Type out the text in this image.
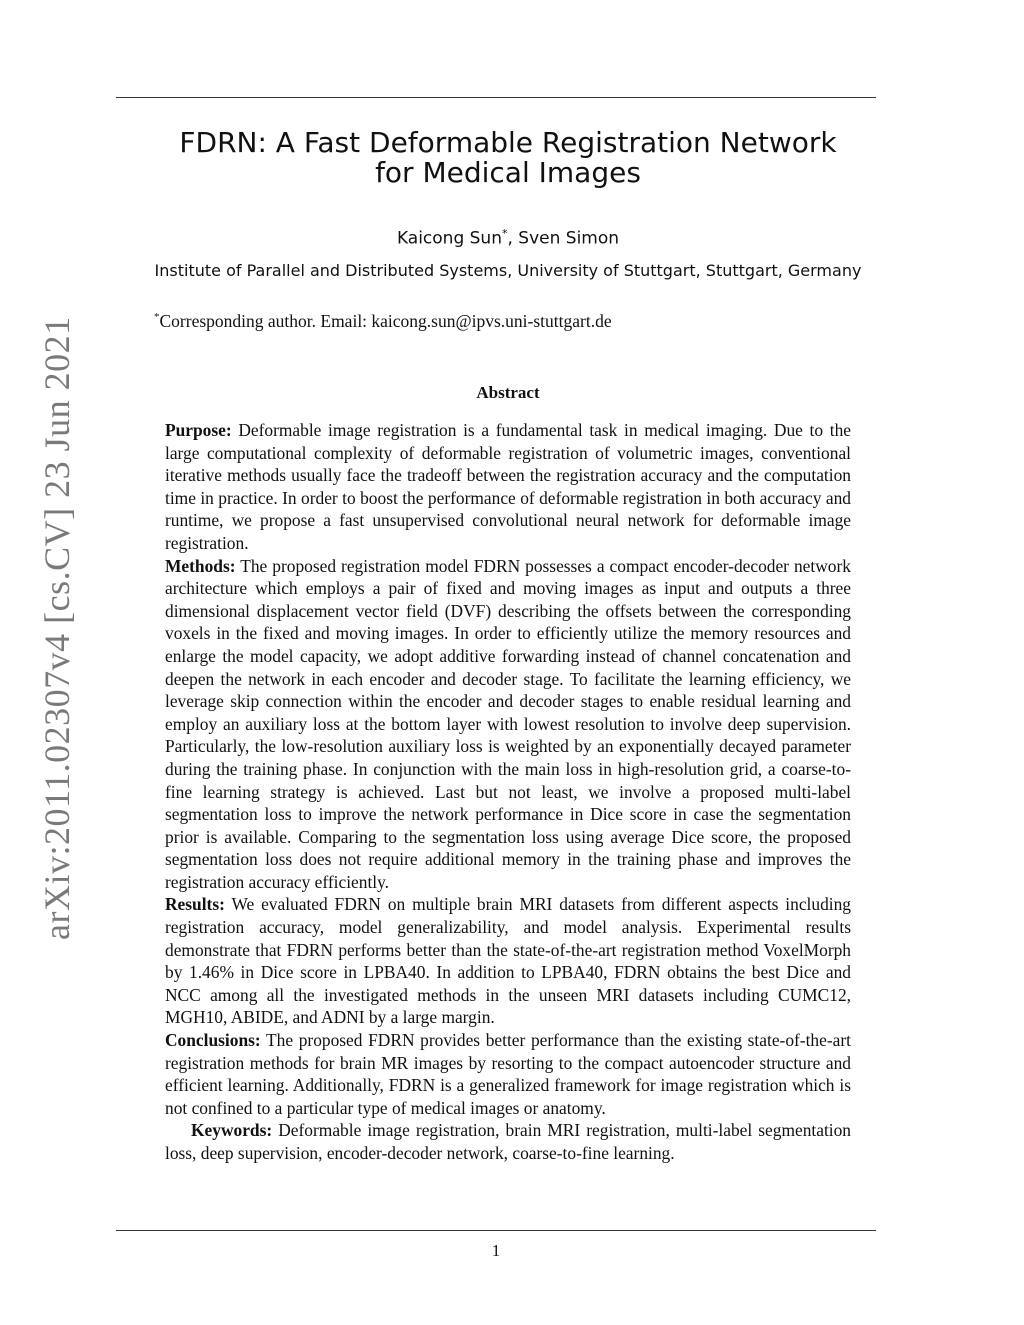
arXiv:2011.02307v4 [cs.CV] 23 Jun 2021
FDRN: A Fast Deformable Registration Network
for Medical Images
Kaicong Sun*, Sven Simon
Institute of Parallel and Distributed Systems, University of Stuttgart, Stuttgart, Germany
*Corresponding author. Email: kaicong.sun@ipvs.uni-stuttgart.de
Abstract

Purpose: Deformable image registration is a fundamental task in medical imaging. Due to the large computational complexity of deformable registration of volumetric images, conventional iterative methods usually face the tradeoff between the registration accuracy and the computation time in practice. In order to boost the performance of deformable registration in both accuracy and runtime, we propose a fast unsupervised convolutional neural network for deformable image registration.

Methods: The proposed registration model FDRN possesses a compact encoder-decoder network architecture which employs a pair of fixed and moving images as input and outputs a three dimensional displacement vector field (DVF) describing the offsets between the corresponding voxels in the fixed and moving images. In order to efficiently utilize the memory resources and enlarge the model capacity, we adopt additive forwarding instead of channel concatenation and deepen the network in each encoder and decoder stage. To facilitate the learning efficiency, we leverage skip connection within the encoder and decoder stages to enable residual learning and employ an auxiliary loss at the bottom layer with lowest resolution to involve deep supervision. Particularly, the low-resolution auxiliary loss is weighted by an exponentially decayed parameter during the training phase. In conjunction with the main loss in high-resolution grid, a coarse-to-fine learning strategy is achieved. Last but not least, we involve a proposed multi-label segmentation loss to improve the network performance in Dice score in case the segmentation prior is available. Comparing to the segmentation loss using average Dice score, the proposed segmentation loss does not require additional memory in the training phase and improves the registration accuracy efficiently.

Results: We evaluated FDRN on multiple brain MRI datasets from different aspects including registration accuracy, model generalizability, and model analysis. Experimental results demonstrate that FDRN performs better than the state-of-the-art registration method VoxelMorph by 1.46% in Dice score in LPBA40. In addition to LPBA40, FDRN obtains the best Dice and NCC among all the investigated methods in the unseen MRI datasets including CUMC12, MGH10, ABIDE, and ADNI by a large margin.

Conclusions: The proposed FDRN provides better performance than the existing state-of-the-art registration methods for brain MR images by resorting to the compact autoencoder structure and efficient learning. Additionally, FDRN is a generalized framework for image registration which is not confined to a particular type of medical images or anatomy.

Keywords: Deformable image registration, brain MRI registration, multi-label segmentation loss, deep supervision, encoder-decoder network, coarse-to-fine learning.

1
